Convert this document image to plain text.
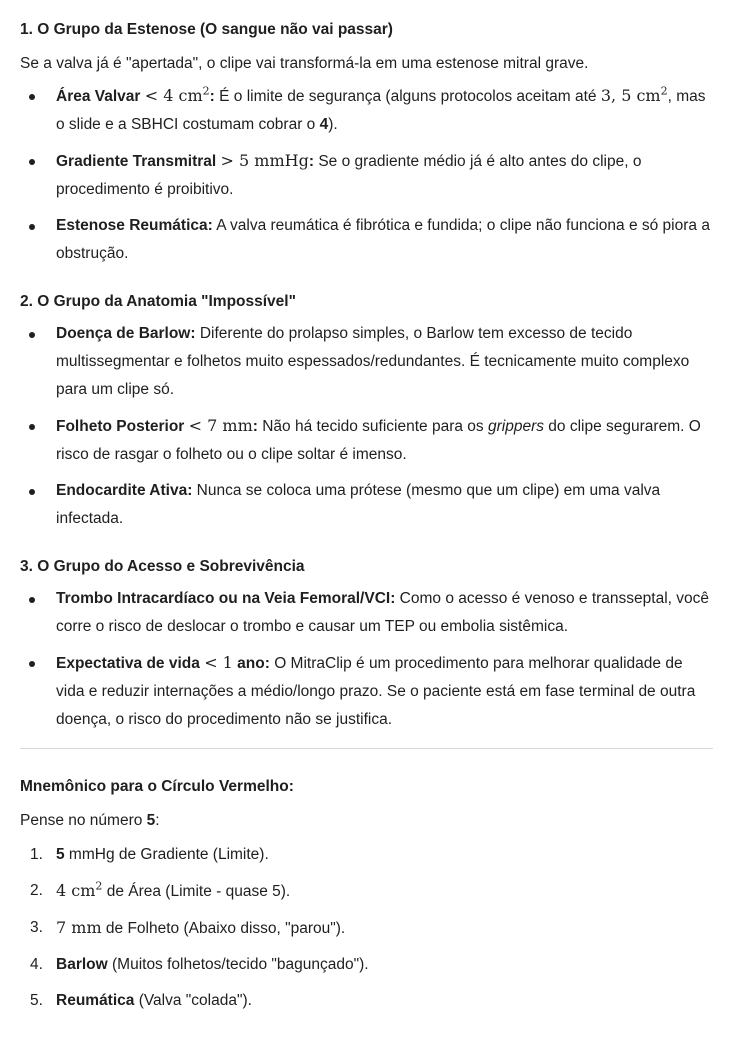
1. O Grupo da Estenose (O sangue não vai passar)

Se a valva já é "apertada", o clipe vai transformá-la em uma estenose mitral grave.

Área Valvar < 4 $cm^2$: É o limite de segurança (alguns protocolos aceitam até 3, 5 $cm^2$, mas o slide e a SBHCI costumam cobrar o 4).
Gradiente Transmitral > 5 mmHg: Se o gradiente médio já é alto antes do clipe, o procedimento é proibitivo.
Estenose Reumática: A valva reumática é fibrótica e fundida; o clipe não funciona e só piora a obstrução.

2. O Grupo da Anatomia "Impossível"

Doença de Barlow: Diferente do prolapso simples, o Barlow tem excesso de tecido multissegmentar e folhetos muito espessados/redundantes. É tecnicamente muito complexo para um clipe só.
Folheto Posterior < 7 mm: Não há tecido suficiente para os grippers do clipe segurarem. O risco de rasgar o folheto ou o clipe soltar é imenso.
Endocardite Ativa: Nunca se coloca uma prótese (mesmo que um clipe) em uma valva infectada.

3. O Grupo do Acesso e Sobrevivência

Trombo Intracardíaco ou na Veia Femoral/VCI: Como o acesso é venoso e transseptal, você corre o risco de deslocar o trombo e causar um TEP ou embolia sistêmica.
Expectativa de vida < 1 ano: O MitraClip é um procedimento para melhorar qualidade de vida e reduzir internações a médio/longo prazo. Se o paciente está em fase terminal de outra doença, o risco do procedimento não se justifica.

Mnemônico para o Círculo Vermelho:

Pense no número 5:

1. 5 mmHg de Gradiente (Limite).
2. 4 $cm^2$ de Área (Limite - quase 5).
3. 7 mm de Folheto (Abaixo disso, "parou").
4. Barlow (Muitos folhetos/tecido "bagunçado").
5. Reumática (Valva "colada").
